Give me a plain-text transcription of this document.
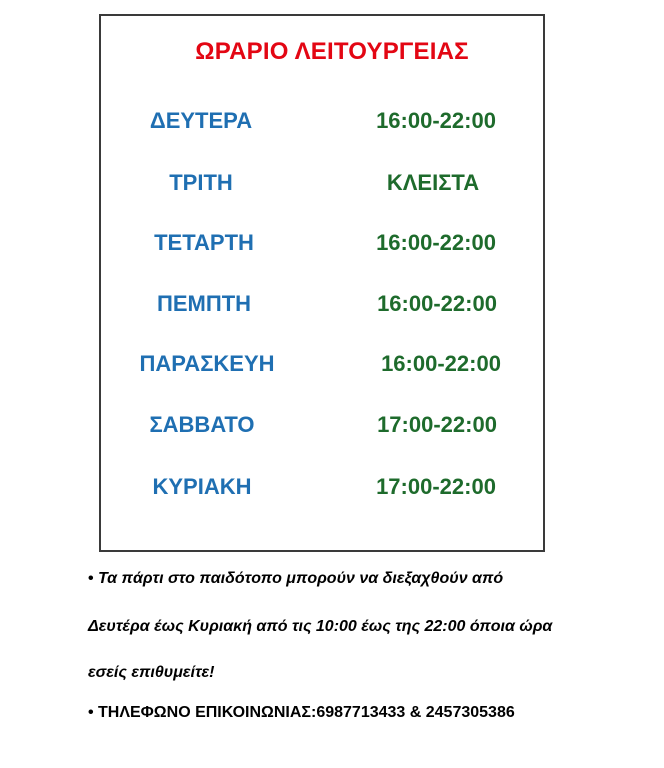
ΩΡΑΡΙΟ ΛΕΙΤΟΥΡΓΕΙΑΣ
ΔΕΥΤΕΡΑ	16:00-22:00
ΤΡΙΤΗ	ΚΛΕΙΣΤΑ
ΤΕΤΑΡΤΗ	16:00-22:00
ΠΕΜΠΤΗ	16:00-22:00
ΠΑΡΑΣΚΕΥΗ	16:00-22:00
ΣΑΒΒΑΤΟ	17:00-22:00
ΚΥΡΙΑΚΗ	17:00-22:00
• Τα πάρτι στο παιδότοπο μπορούν να διεξαχθούν από
Δευτέρα έως Κυριακή από τις 10:00 έως της 22:00 όποια ώρα
εσείς επιθυμείτε!
• ΤΗΛΕΦΩΝΟ ΕΠΙΚΟΙΝΩΝΙΑΣ:6987713433 & 2457305386
